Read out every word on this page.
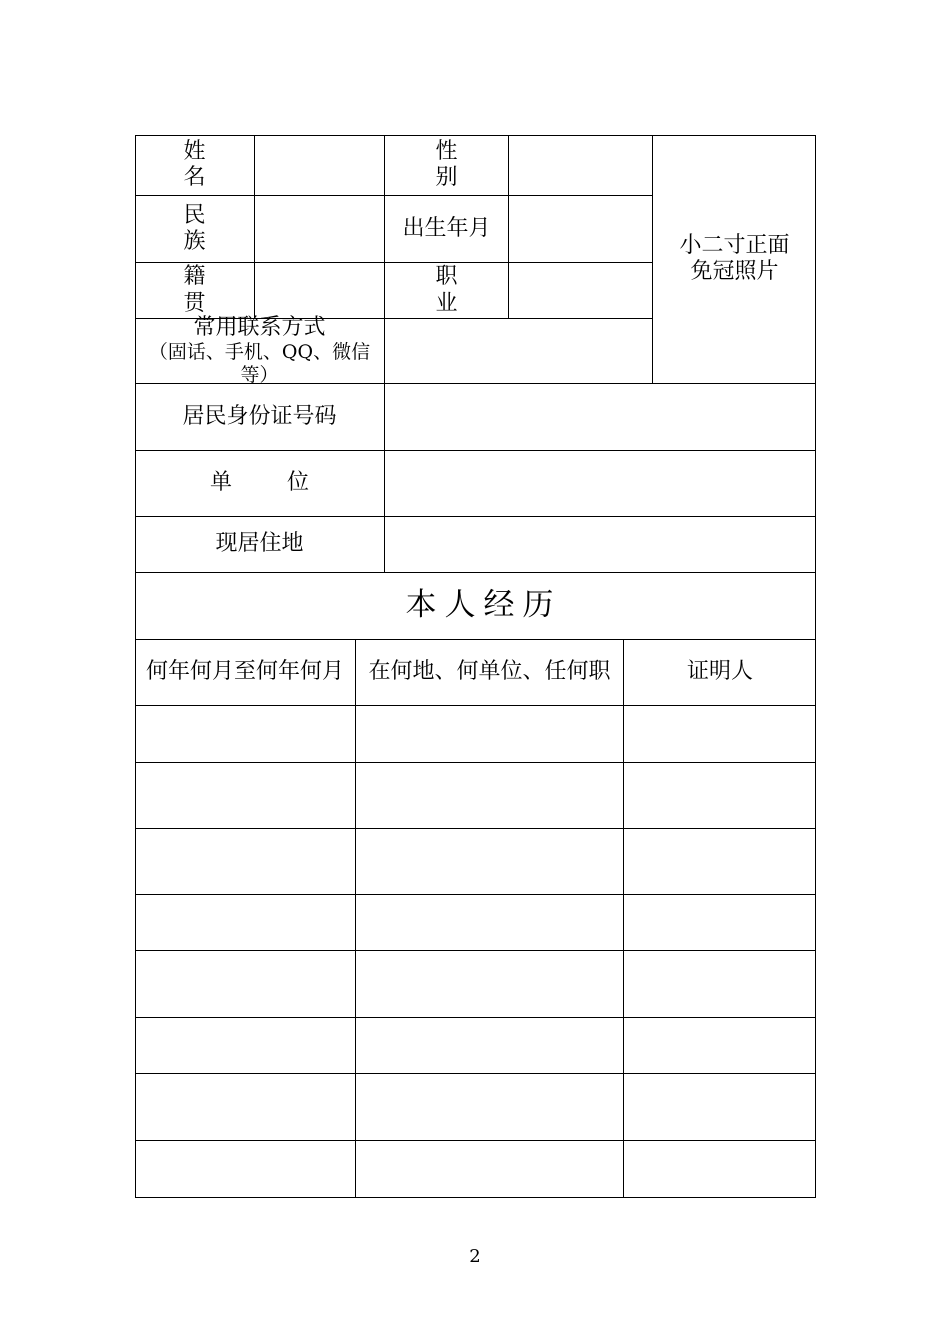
姓 名
性 别
小二寸正面
免冠照片
民 族
出生年月
籍 贯
职 业
常用联系方式
（固话、手机、QQ、微信等）
居民身份证号码
单 位
现居住地
本人经历
何年何月至何年何月 在何地、何单位、任何职	证明人
2
